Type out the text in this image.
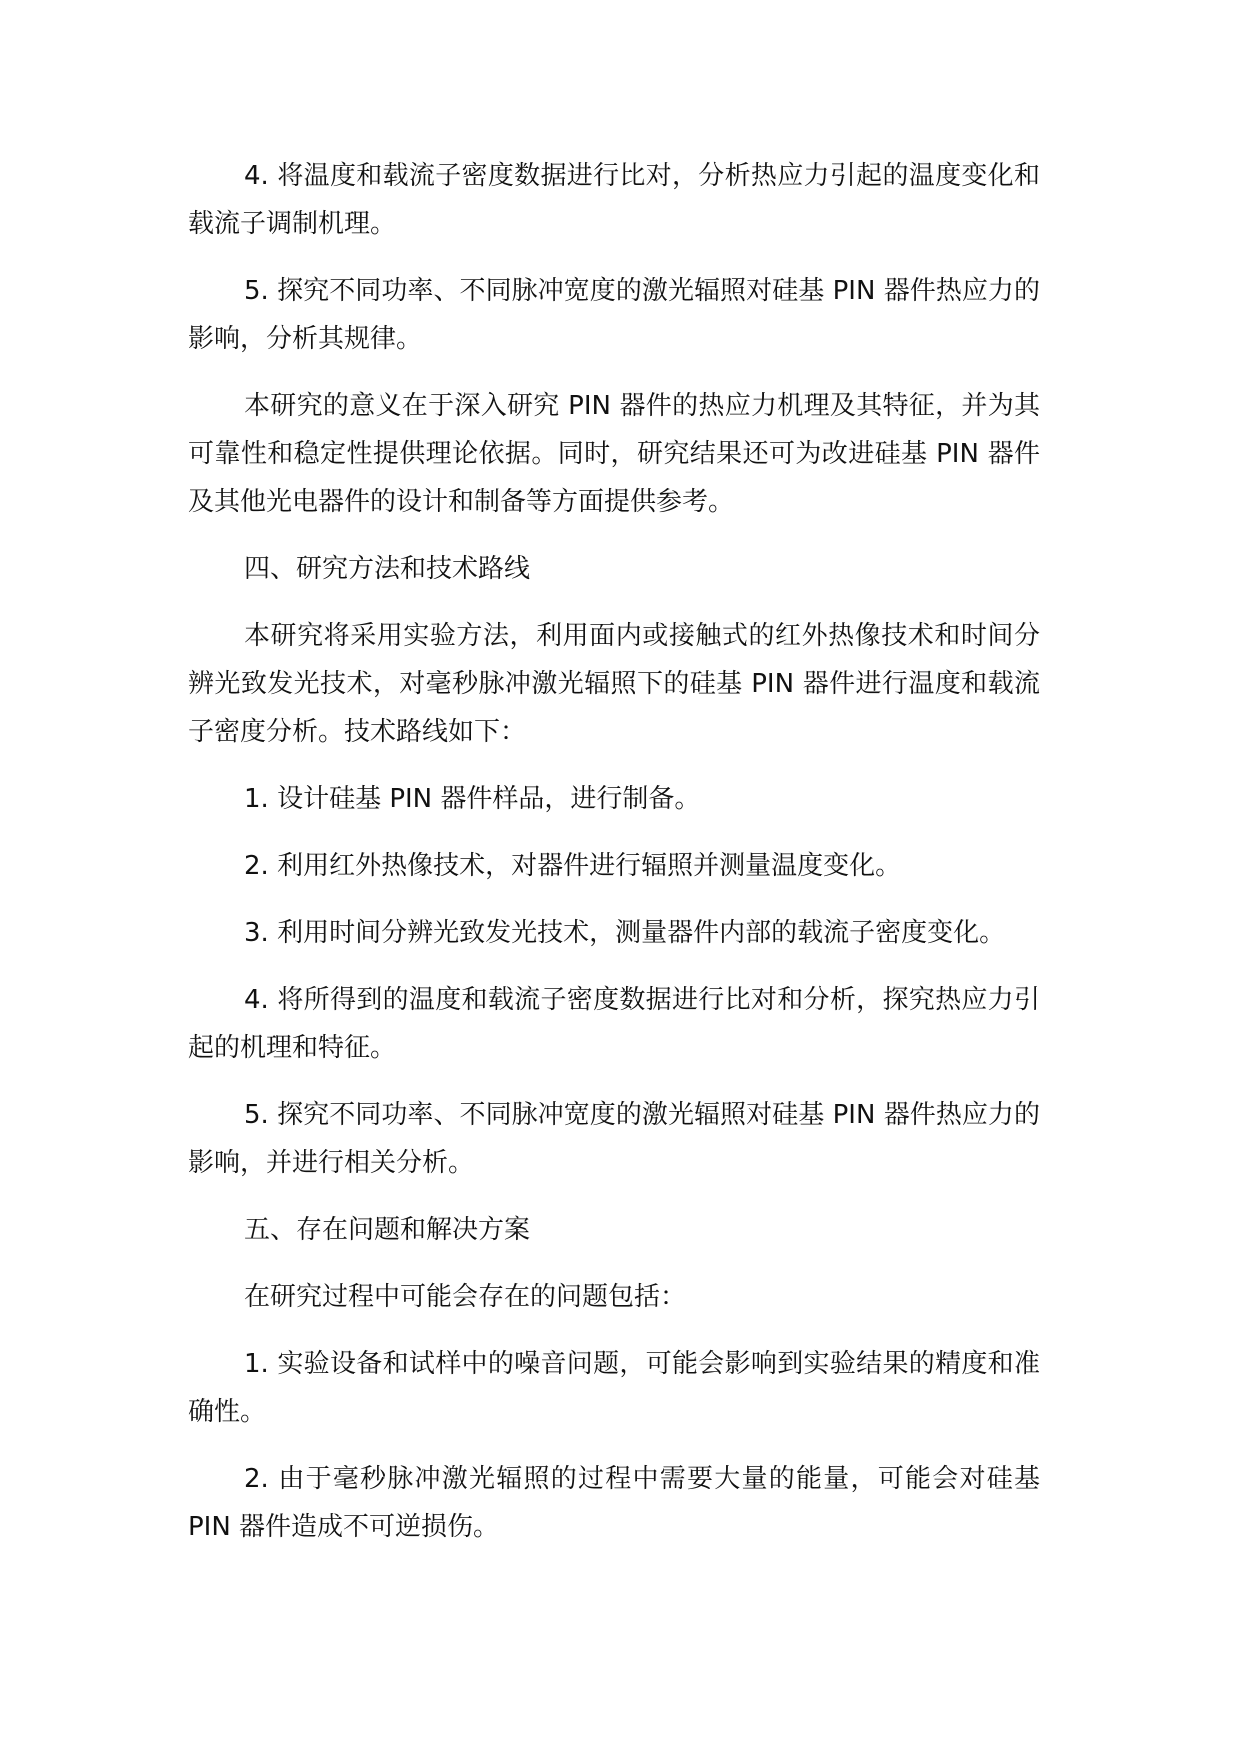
4. 将温度和载流子密度数据进行比对，分析热应力引起的温度变化和载流子调制机理。

5. 探究不同功率、不同脉冲宽度的激光辐照对硅基 PIN 器件热应力的影响，分析其规律。

本研究的意义在于深入研究 PIN 器件的热应力机理及其特征，并为其可靠性和稳定性提供理论依据。同时，研究结果还可为改进硅基 PIN 器件及其他光电器件的设计和制备等方面提供参考。

四、研究方法和技术路线

本研究将采用实验方法，利用面内或接触式的红外热像技术和时间分辨光致发光技术，对毫秒脉冲激光辐照下的硅基 PIN 器件进行温度和载流子密度分析。技术路线如下：

1. 设计硅基 PIN 器件样品，进行制备。

2. 利用红外热像技术，对器件进行辐照并测量温度变化。

3. 利用时间分辨光致发光技术，测量器件内部的载流子密度变化。

4. 将所得到的温度和载流子密度数据进行比对和分析，探究热应力引起的机理和特征。

5. 探究不同功率、不同脉冲宽度的激光辐照对硅基 PIN 器件热应力的影响，并进行相关分析。

五、存在问题和解决方案

在研究过程中可能会存在的问题包括：

1. 实验设备和试样中的噪音问题，可能会影响到实验结果的精度和准确性。

2. 由于毫秒脉冲激光辐照的过程中需要大量的能量，可能会对硅基 PIN 器件造成不可逆损伤。
